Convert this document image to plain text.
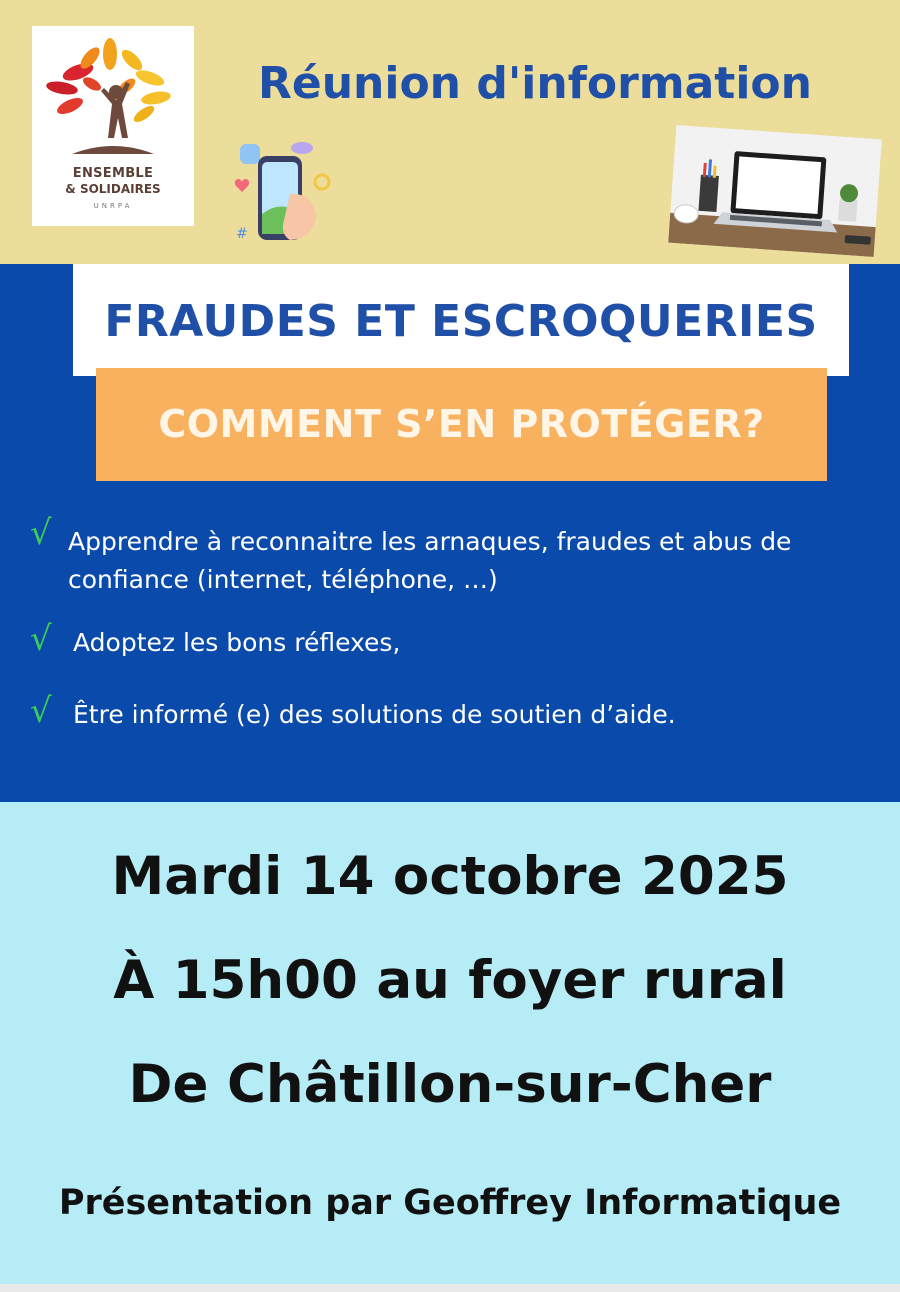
ENSEMBLE
& SOLIDAIRES
UNRPA
Réunion d'information
#
FRAUDES ET ESCROQUERIES
COMMENT S’EN PROTÉGER?
√ Apprendre à reconnaitre les arnaques, fraudes et abus de

confiance (internet, téléphone, …)

√ Adoptez les bons réflexes,

√ Être informé (e) des solutions de soutien d’aide.

Mardi 14 octobre 2025

À 15h00 au foyer rural

De Châtillon-sur-Cher

Présentation par Geoffrey Informatique
